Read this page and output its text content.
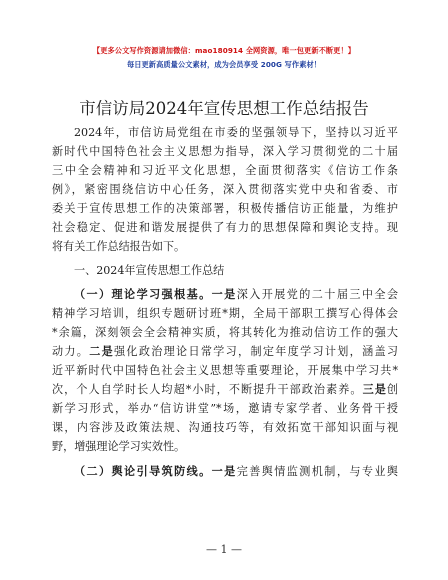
【更多公文写作资源请加微信：mao180914 全网资源，唯一包更新不断更！】
每日更新高质量公文素材，成为会员享受 200G 写作素材！
市信访局2024年宣传思想工作总结报告
2024年，市信访局党组在市委的坚强领导下，坚持以习近平
新时代中国特色社会主义思想为指导，深入学习贯彻党的二十届
三中全会精神和习近平文化思想，全面贯彻落实《信访工作条
例》，紧密围绕信访中心任务，深入贯彻落实党中央和省委、市
委关于宣传思想工作的决策部署，积极传播信访正能量，为维护
社会稳定、促进和谐发展提供了有力的思想保障和舆论支持。现
将有关工作总结报告如下。
一、2024年宣传思想工作总结
（一）理论学习强根基。一是深入开展党的二十届三中全会
精神学习培训，组织专题研讨班*期，全局干部职工撰写心得体会
*余篇，深刻领会全会精神实质，将其转化为推动信访工作的强大
动力。二是强化政治理论日常学习，制定年度学习计划，涵盖习
近平新时代中国特色社会主义思想等重要理论，开展集中学习共*
次，个人自学时长人均超*小时，不断提升干部政治素养。三是创
新学习形式，举办“信访讲堂”*场，邀请专家学者、业务骨干授
课，内容涉及政策法规、沟通技巧等，有效拓宽干部知识面与视
野，增强理论学习实效性。
（二）舆论引导筑防线。一是完善舆情监测机制，与专业舆
— 1 —
